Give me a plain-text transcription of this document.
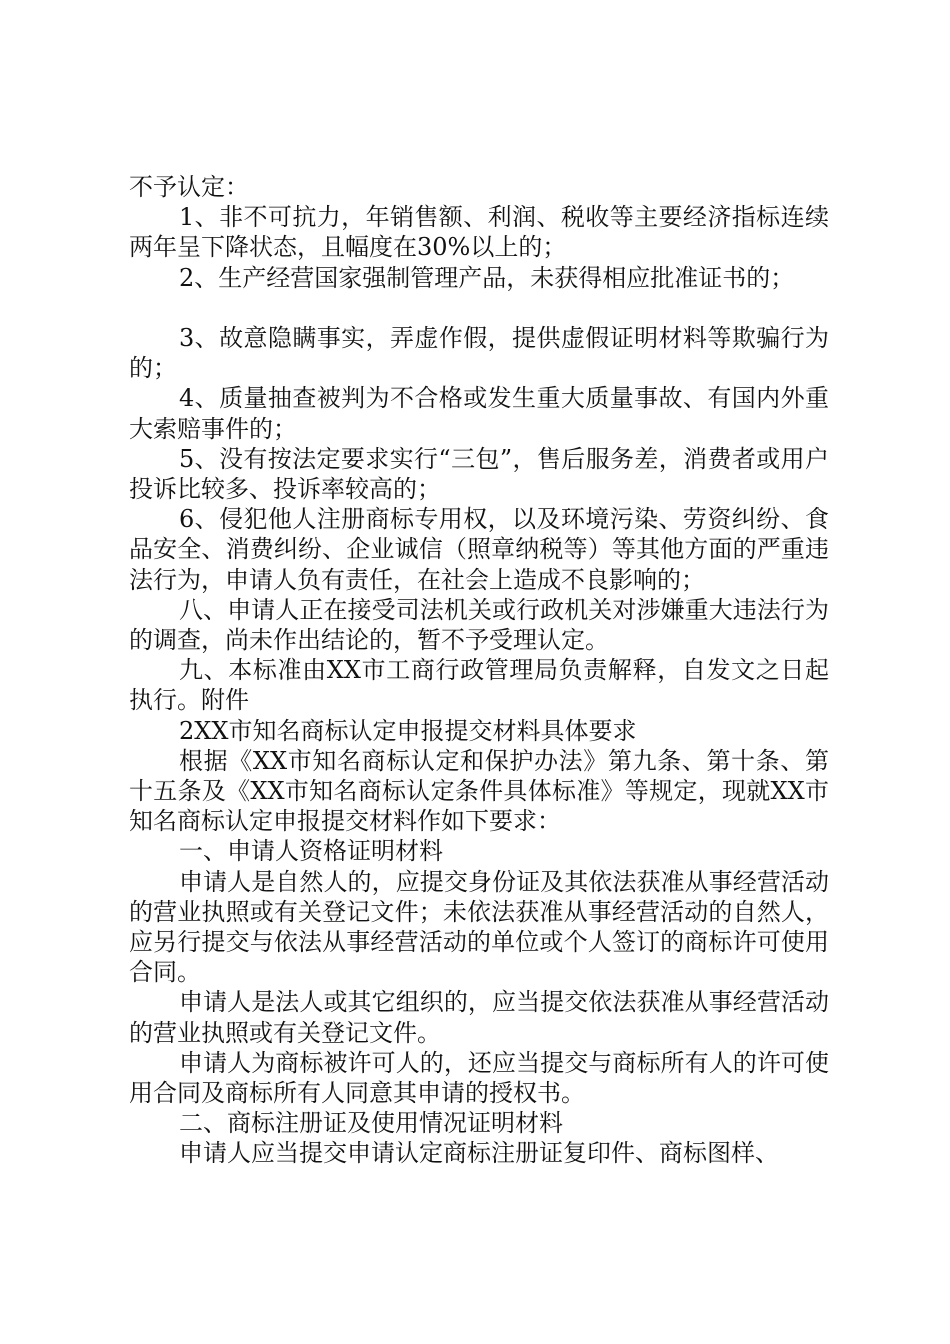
不予认定：

1、非不可抗力，年销售额、利润、税收等主要经济指标连续两年呈下降状态，且幅度在30%以上的；

2、生产经营国家强制管理产品，未获得相应批准证书的；

3、故意隐瞒事实，弄虚作假，提供虚假证明材料等欺骗行为的；

4、质量抽查被判为不合格或发生重大质量事故、有国内外重大索赔事件的；

5、没有按法定要求实行“三包”，售后服务差，消费者或用户投诉比较多、投诉率较高的；

6、侵犯他人注册商标专用权，以及环境污染、劳资纠纷、食品安全、消费纠纷、企业诚信（照章纳税等）等其他方面的严重违法行为，申请人负有责任，在社会上造成不良影响的；

八、申请人正在接受司法机关或行政机关对涉嫌重大违法行为的调查，尚未作出结论的，暂不予受理认定。

九、本标准由XX市工商行政管理局负责解释，自发文之日起执行。附件

2XX市知名商标认定申报提交材料具体要求

根据《XX市知名商标认定和保护办法》第九条、第十条、第十五条及《XX市知名商标认定条件具体标准》等规定，现就XX市知名商标认定申报提交材料作如下要求：

一、申请人资格证明材料

申请人是自然人的，应提交身份证及其依法获准从事经营活动的营业执照或有关登记文件；未依法获准从事经营活动的自然人，应另行提交与依法从事经营活动的单位或个人签订的商标许可使用合同。

申请人是法人或其它组织的，应当提交依法获准从事经营活动的营业执照或有关登记文件。

申请人为商标被许可人的，还应当提交与商标所有人的许可使用合同及商标所有人同意其申请的授权书。

二、商标注册证及使用情况证明材料

申请人应当提交申请认定商标注册证复印件、商标图样、
